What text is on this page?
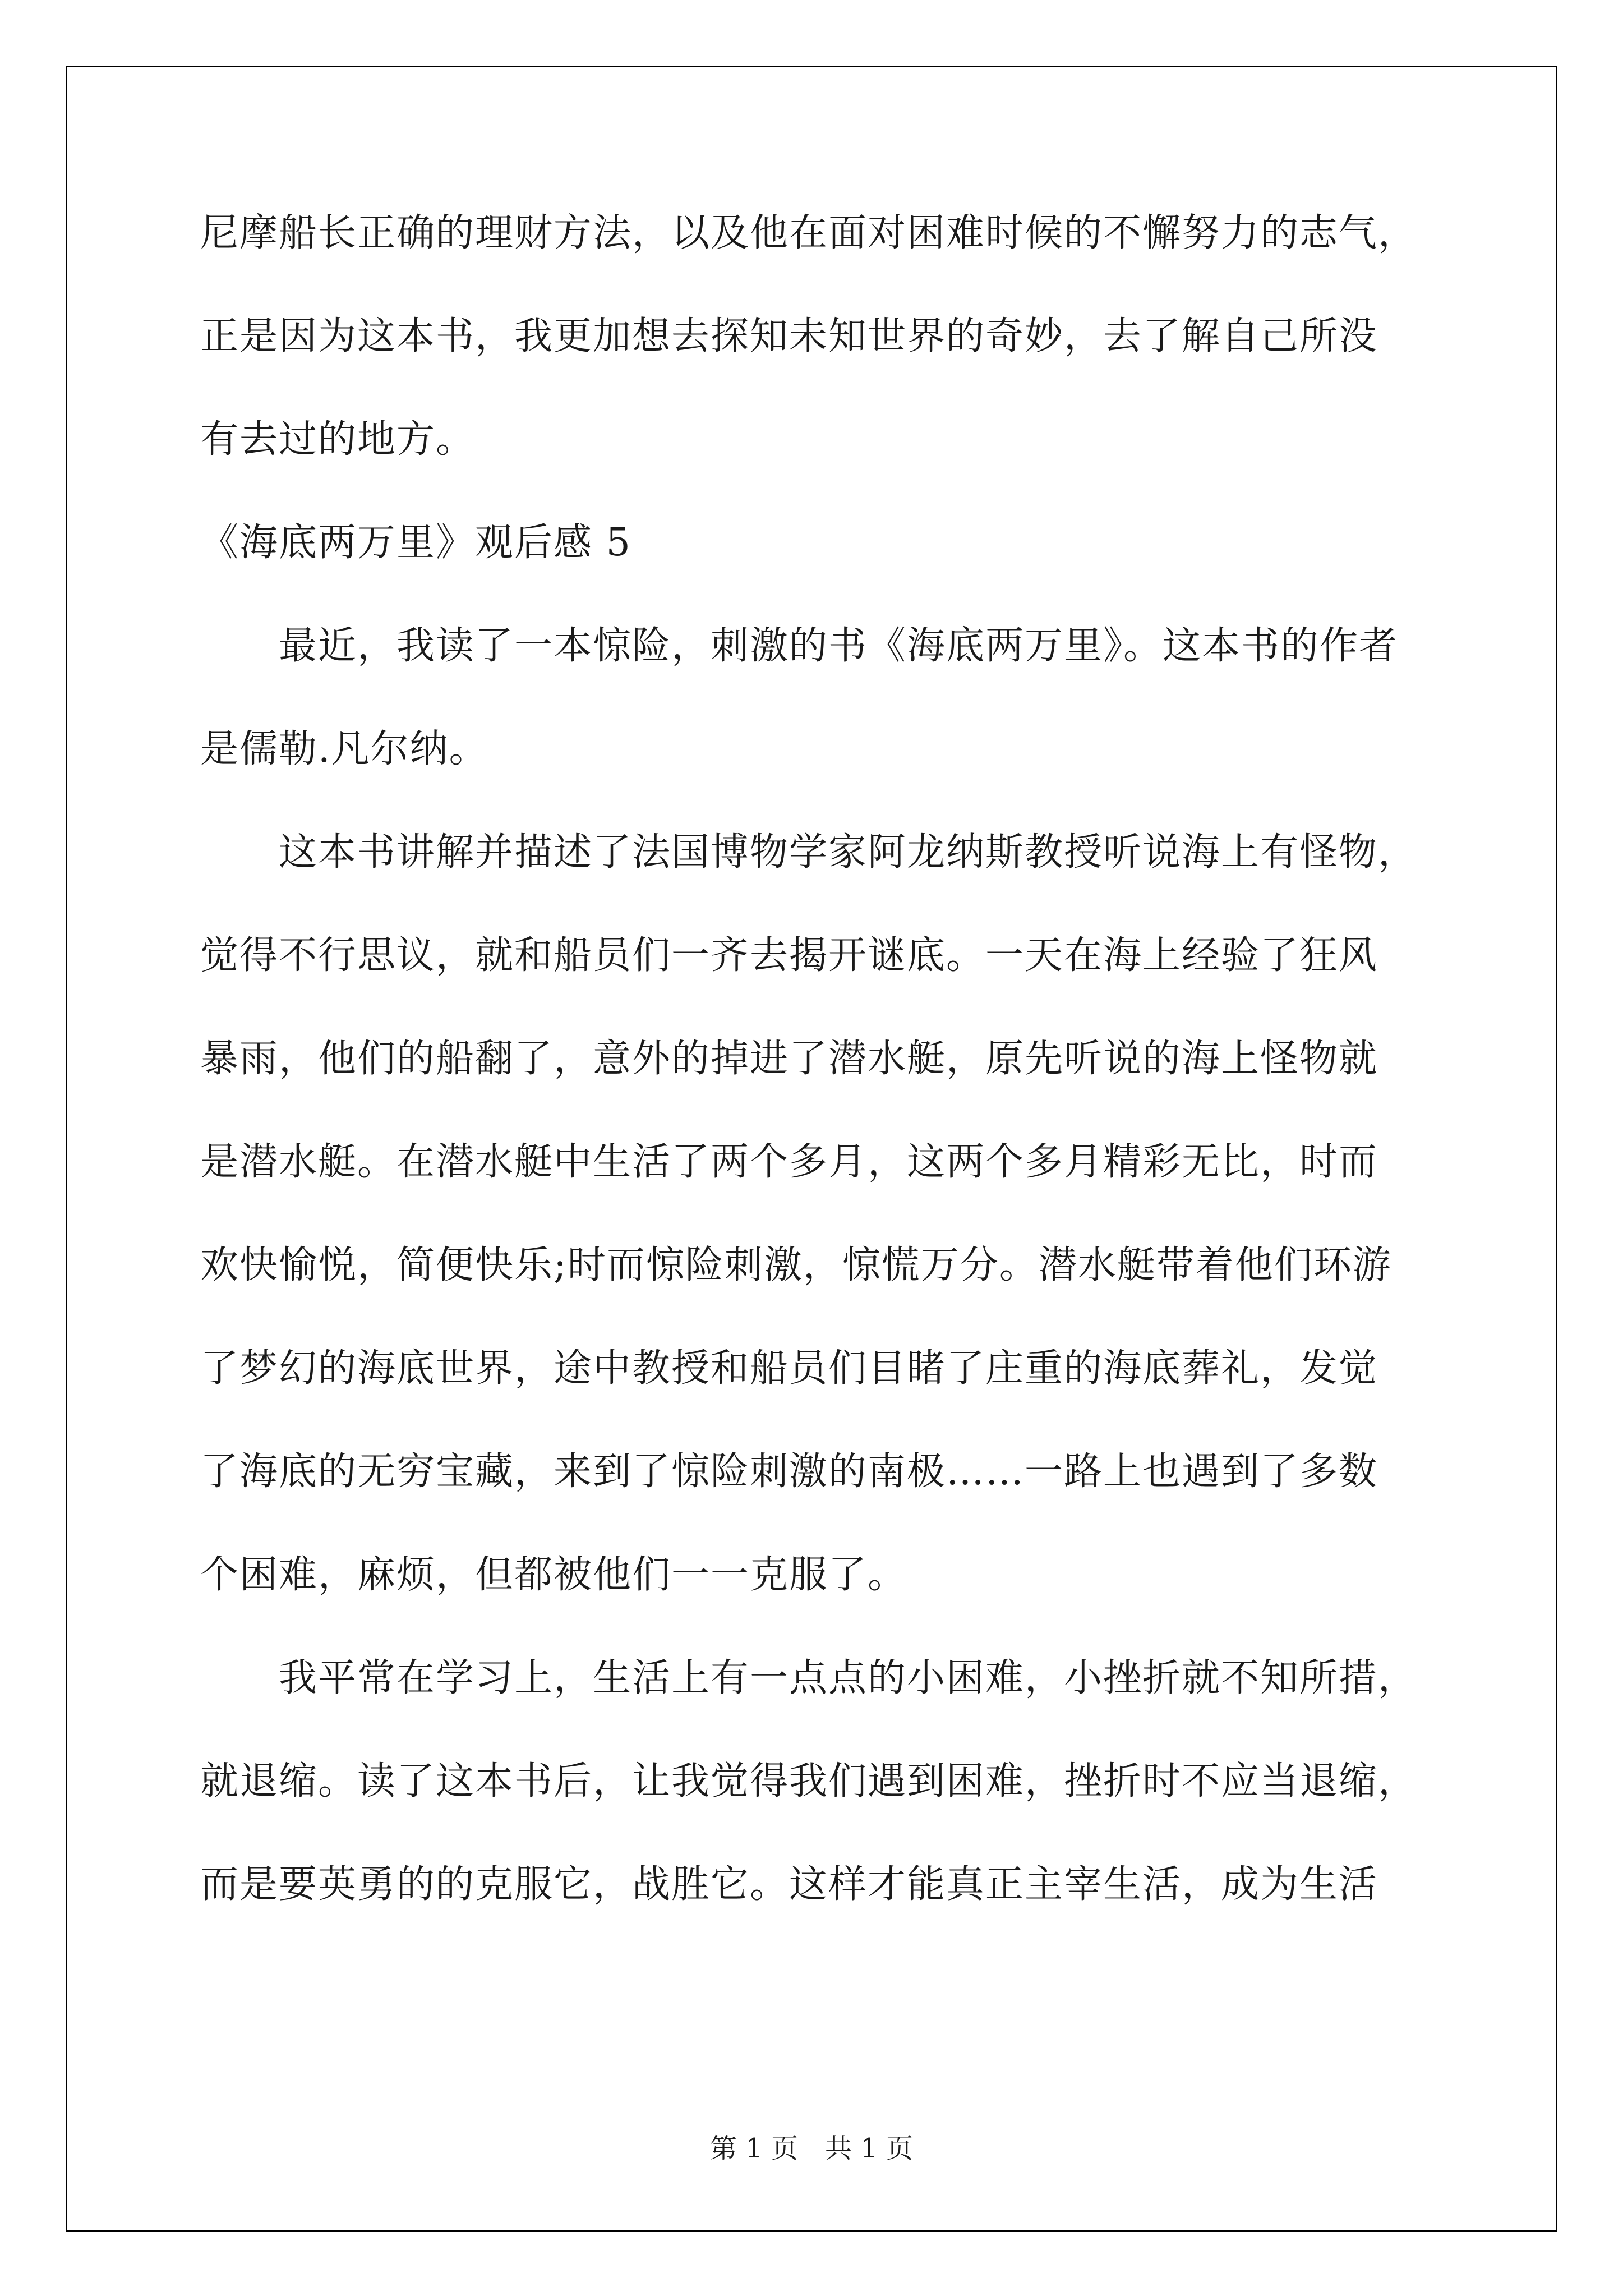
尼摩船长正确的理财方法，以及他在面对困难时候的不懈努力的志气，
正是因为这本书，我更加想去探知未知世界的奇妙，去了解自己所没
有去过的地方。
《海底两万里》观后感 5
　　最近，我读了一本惊险，刺激的书《海底两万里》。这本书的作者
是儒勒.凡尔纳。
　　这本书讲解并描述了法国博物学家阿龙纳斯教授听说海上有怪物，
觉得不行思议，就和船员们一齐去揭开谜底。一天在海上经验了狂风
暴雨，他们的船翻了，意外的掉进了潜水艇，原先听说的海上怪物就
是潜水艇。在潜水艇中生活了两个多月，这两个多月精彩无比，时而
欢快愉悦，简便快乐;时而惊险刺激，惊慌万分。潜水艇带着他们环游
了梦幻的海底世界，途中教授和船员们目睹了庄重的海底葬礼，发觉
了海底的无穷宝藏，来到了惊险刺激的南极……一路上也遇到了多数
个困难，麻烦，但都被他们一一克服了。
　　我平常在学习上，生活上有一点点的小困难，小挫折就不知所措，
就退缩。读了这本书后，让我觉得我们遇到困难，挫折时不应当退缩，
而是要英勇的的克服它，战胜它。这样才能真正主宰生活，成为生活
第 1 页　共 1 页
